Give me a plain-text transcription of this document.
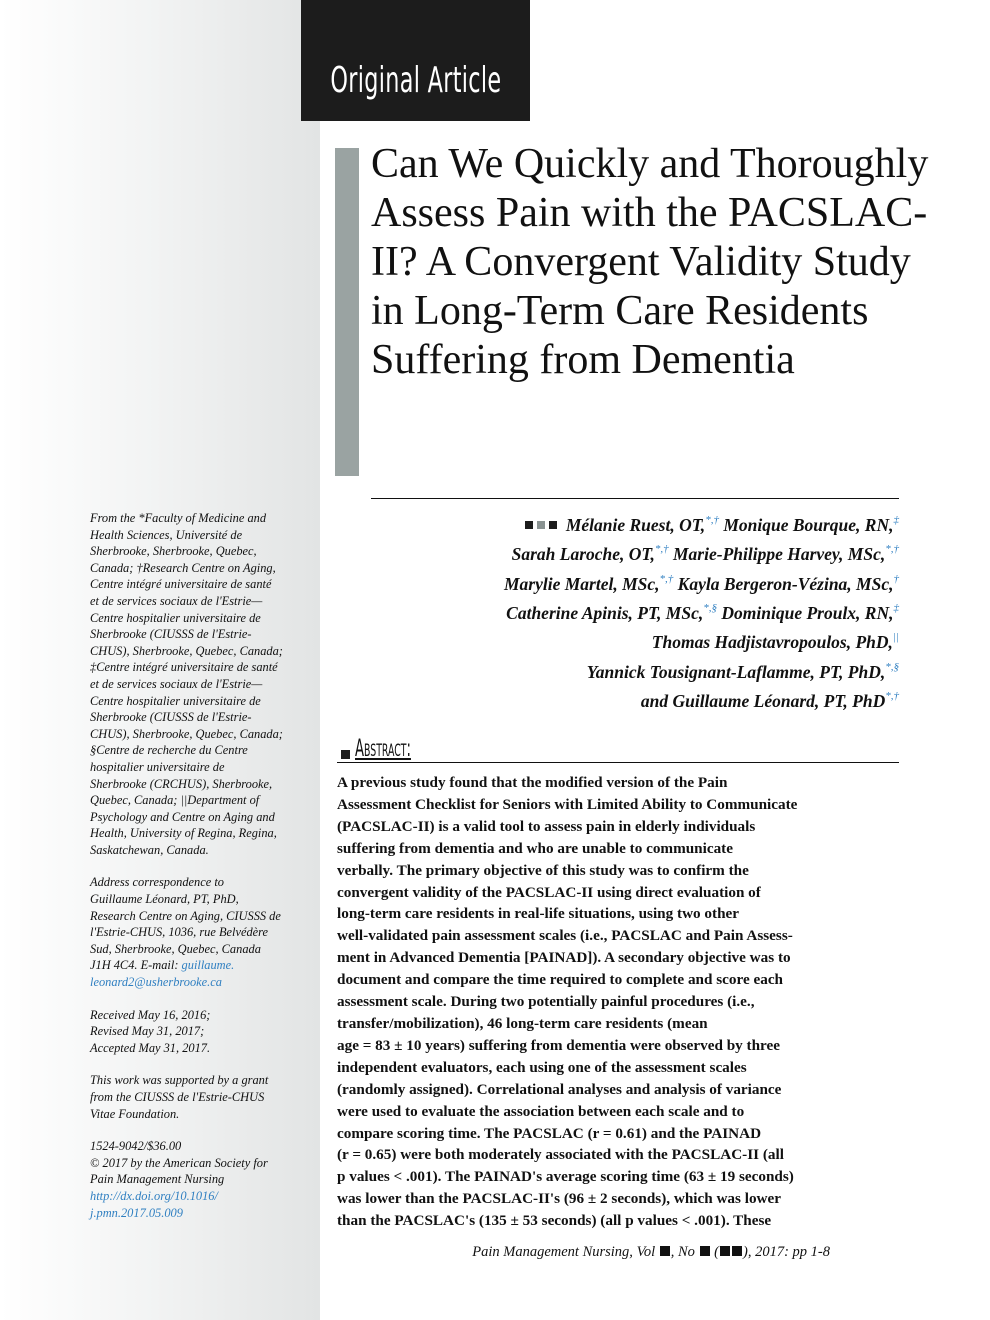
Original Article
Can We Quickly and Thoroughly Assess Pain with the PACSLAC-II? A Convergent Validity Study in Long-Term Care Residents Suffering from Dementia
Mélanie Ruest, OT,*,† Monique Bourque, RN,‡
Sarah Laroche, OT,*,† Marie-Philippe Harvey, MSc,*,†
Marylie Martel, MSc,*,† Kayla Bergeron-Vézina, MSc,†
Catherine Apinis, PT, MSc,*,§ Dominique Proulx, RN,‡
Thomas Hadjistavropoulos, PhD,||
Yannick Tousignant-Laflamme, PT, PhD,*,§
and Guillaume Léonard, PT, PhD*,†
Abstract:

A previous study found that the modified version of the Pain
Assessment Checklist for Seniors with Limited Ability to Communicate
(PACSLAC-II) is a valid tool to assess pain in elderly individuals
suffering from dementia and who are unable to communicate
verbally. The primary objective of this study was to confirm the
convergent validity of the PACSLAC-II using direct evaluation of
long-term care residents in real-life situations, using two other
well-validated pain assessment scales (i.e., PACSLAC and Pain Assess-
ment in Advanced Dementia [PAINAD]). A secondary objective was to
document and compare the time required to complete and score each
assessment scale. During two potentially painful procedures (i.e.,
transfer/mobilization), 46 long-term care residents (mean
age = 83 ± 10 years) suffering from dementia were observed by three
independent evaluators, each using one of the assessment scales
(randomly assigned). Correlational analyses and analysis of variance
were used to evaluate the association between each scale and to
compare scoring time. The PACSLAC (r = 0.61) and the PAINAD
(r = 0.65) were both moderately associated with the PACSLAC-II (all
p values < .001). The PAINAD's average scoring time (63 ± 19 seconds)
was lower than the PACSLAC-II's (96 ± 2 seconds), which was lower
than the PACSLAC's (135 ± 53 seconds) (all p values < .001). These

From the *Faculty of Medicine and
Health Sciences, Université de
Sherbrooke, Sherbrooke, Quebec,
Canada; †Research Centre on Aging,
Centre intégré universitaire de santé
et de services sociaux de l'Estrie—
Centre hospitalier universitaire de
Sherbrooke (CIUSSS de l'Estrie-
CHUS), Sherbrooke, Quebec, Canada;
‡Centre intégré universitaire de santé
et de services sociaux de l'Estrie—
Centre hospitalier universitaire de
Sherbrooke (CIUSSS de l'Estrie-
CHUS), Sherbrooke, Quebec, Canada;
§Centre de recherche du Centre
hospitalier universitaire de
Sherbrooke (CRCHUS), Sherbrooke,
Quebec, Canada; ||Department of
Psychology and Centre on Aging and
Health, University of Regina, Regina,
Saskatchewan, Canada.

Address correspondence to
Guillaume Léonard, PT, PhD,
Research Centre on Aging, CIUSSS de
l'Estrie-CHUS, 1036, rue Belvédère
Sud, Sherbrooke, Quebec, Canada
J1H 4C4. E-mail: guillaume.
leonard2@usherbrooke.ca

Received May 16, 2016;
Revised May 31, 2017;
Accepted May 31, 2017.

This work was supported by a grant
from the CIUSSS de l'Estrie-CHUS
Vitae Foundation.

1524-9042/$36.00
© 2017 by the American Society for
Pain Management Nursing
http://dx.doi.org/10.1016/
j.pmn.2017.05.009

Pain Management Nursing, Vol , No  ( ), 2017: pp 1-8
